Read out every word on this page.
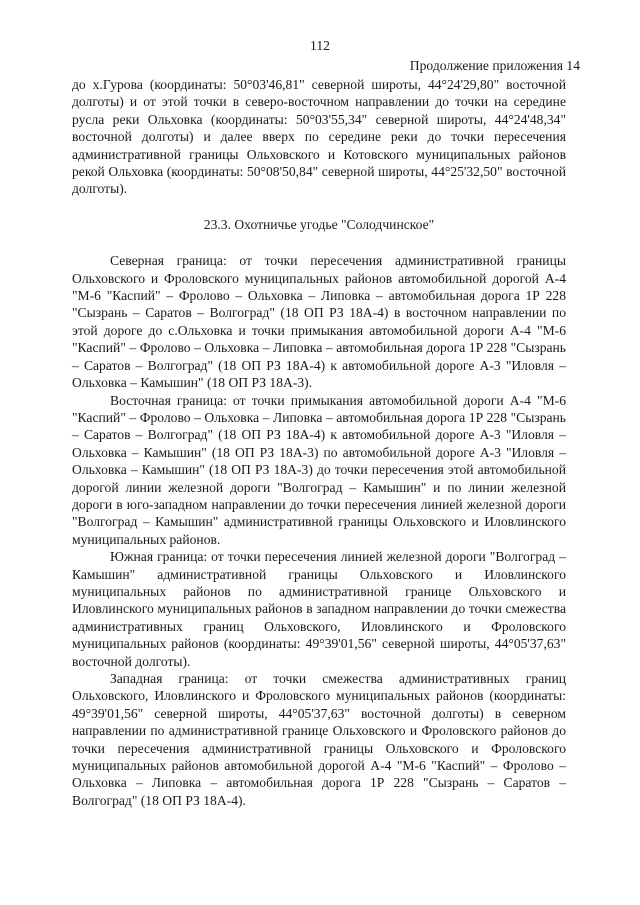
112
Продолжение приложения 14

до х.Гурова (координаты: 50°03'46,81" северной широты, 44°24'29,80" восточной долготы) и от этой точки в северо-восточном направлении до точки на середине русла реки Ольховка (координаты: 50°03'55,34" северной широты, 44°24'48,34" восточной долготы) и далее вверх по середине реки до точки пересечения административной границы Ольховского и Котовского муниципальных районов рекой Ольховка (координаты: 50°08'50,84" северной широты, 44°25'32,50" восточной долготы).

23.3. Охотничье угодье "Солодчинское"

Северная граница: от точки пересечения административной границы Ольховского и Фроловского муниципальных районов автомобильной дорогой А-4 "М-6 "Каспий" – Фролово – Ольховка – Липовка – автомобильная дорога 1Р 228 "Сызрань – Саратов – Волгоград" (18 ОП РЗ 18А-4) в восточном направлении по этой дороге до с.Ольховка и точки примыкания автомобильной дороги А-4 "М-6 "Каспий" – Фролово – Ольховка – Липовка – автомобильная дорога 1Р 228 "Сызрань – Саратов – Волгоград" (18 ОП РЗ 18А-4) к автомобильной дороге А-3 "Иловля – Ольховка – Камышин" (18 ОП РЗ 18А-3).

Восточная граница: от точки примыкания автомобильной дороги А-4 "М-6 "Каспий" – Фролово – Ольховка – Липовка – автомобильная дорога 1Р 228 "Сызрань – Саратов – Волгоград" (18 ОП РЗ 18А-4) к автомобильной дороге А-3 "Иловля – Ольховка – Камышин" (18 ОП РЗ 18А-3) по автомобильной дороге А-3 "Иловля – Ольховка – Камышин" (18 ОП РЗ 18А-3) до точки пересечения этой автомобильной дорогой линии железной дороги "Волгоград – Камышин" и по линии железной дороги в юго-западном направлении до точки пересечения линией железной дороги "Волгоград – Камышин" административной границы Ольховского и Иловлинского муниципальных районов.

Южная граница: от точки пересечения линией железной дороги "Волгоград – Камышин" административной границы Ольховского и Иловлинского муниципальных районов по административной границе Ольховского и Иловлинского муниципальных районов в западном направлении до точки смежества административных границ Ольховского, Иловлинского и Фроловского муниципальных районов (координаты: 49°39'01,56" северной широты, 44°05'37,63" восточной долготы).

Западная граница: от точки смежества административных границ Ольховского, Иловлинского и Фроловского муниципальных районов (координаты: 49°39'01,56" северной широты, 44°05'37,63" восточной долготы) в северном направлении по административной границе Ольховского и Фроловского районов до точки пересечения административной границы Ольховского и Фроловского муниципальных районов автомобильной дорогой А-4 "М-6 "Каспий" – Фролово – Ольховка – Липовка – автомобильная дорога 1Р 228 "Сызрань – Саратов – Волгоград" (18 ОП РЗ 18А-4).
